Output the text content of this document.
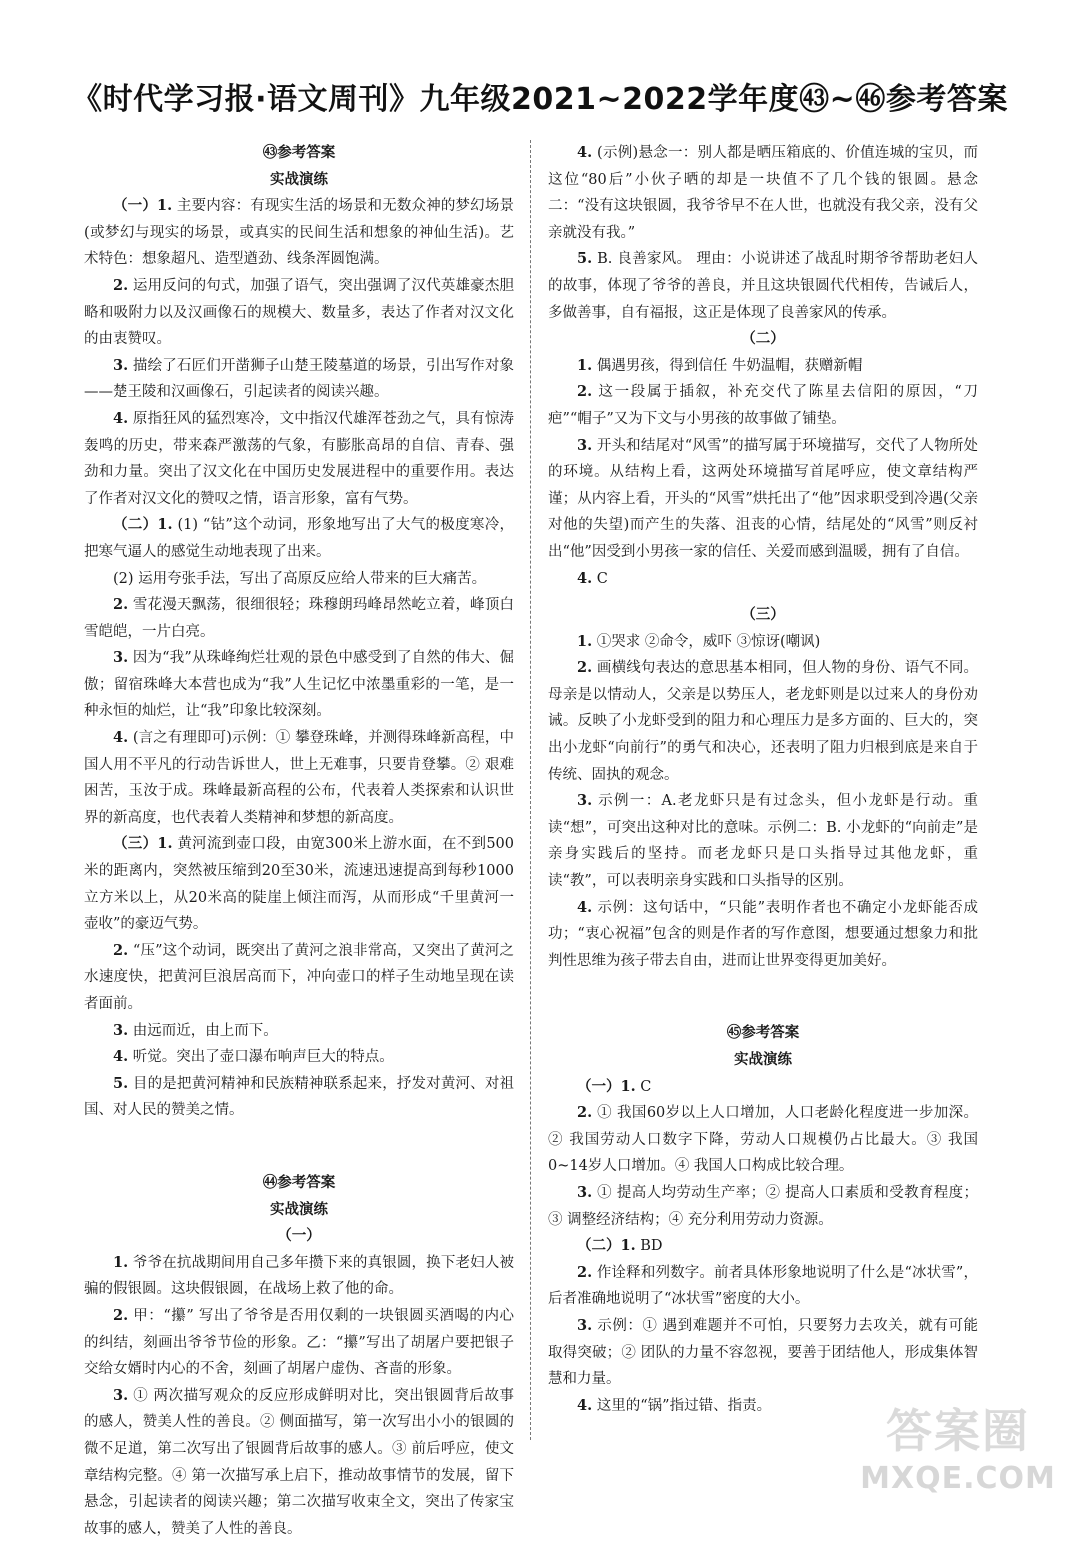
《时代学习报·语文周刊》九年级2021~2022学年度㊸~㊻参考答案
㊸参考答案
实战演练

（一）1. 主要内容：有现实生活的场景和无数众神的梦幻场景(或梦幻与现实的场景，或真实的民间生活和想象的神仙生活)。艺术特色：想象超凡、造型遒劲、线条浑圆饱满。

2. 运用反问的句式，加强了语气，突出强调了汉代英雄豪杰胆略和吸附力以及汉画像石的规模大、数量多，表达了作者对汉文化的由衷赞叹。

3. 描绘了石匠们开凿狮子山楚王陵墓道的场景，引出写作对象——楚王陵和汉画像石，引起读者的阅读兴趣。

4. 原指狂风的猛烈寒冷，文中指汉代雄浑苍劲之气，具有惊涛轰鸣的历史，带来森严激荡的气象，有膨胀高昂的自信、青春、强劲和力量。突出了汉文化在中国历史发展进程中的重要作用。表达了作者对汉文化的赞叹之情，语言形象，富有气势。

（二）1. (1) “钻”这个动词，形象地写出了大气的极度寒冷，把寒气逼人的感觉生动地表现了出来。

(2) 运用夸张手法，写出了高原反应给人带来的巨大痛苦。

2. 雪花漫天飘荡，很细很轻；珠穆朗玛峰昂然屹立着，峰顶白雪皑皑，一片白亮。

3. 因为“我”从珠峰绚烂壮观的景色中感受到了自然的伟大、倔傲；留宿珠峰大本营也成为“我”人生记忆中浓墨重彩的一笔，是一种永恒的灿烂，让“我”印象比较深刻。

4. (言之有理即可)示例：① 攀登珠峰，并测得珠峰新高程，中国人用不平凡的行动告诉世人，世上无难事，只要肯登攀。② 艰难困苦，玉汝于成。珠峰最新高程的公布，代表着人类探索和认识世界的新高度，也代表着人类精神和梦想的新高度。

（三）1. 黄河流到壶口段，由宽300米上游水面，在不到500米的距离内，突然被压缩到20至30米，流速迅速提高到每秒1000立方米以上，从20米高的陡崖上倾注而泻，从而形成“千里黄河一壶收”的豪迈气势。

2. “压”这个动词，既突出了黄河之浪非常高，又突出了黄河之水速度快，把黄河巨浪居高而下，冲向壶口的样子生动地呈现在读者面前。

3. 由远而近，由上而下。

4. 听觉。突出了壶口瀑布响声巨大的特点。

5. 目的是把黄河精神和民族精神联系起来，抒发对黄河、对祖国、对人民的赞美之情。

㊹参考答案
实战演练
（一）

1. 爷爷在抗战期间用自己多年攒下来的真银圆，换下老妇人被骗的假银圆。这块假银圆，在战场上救了他的命。

2. 甲：“攥” 写出了爷爷是否用仅剩的一块银圆买酒喝的内心的纠结，刻画出爷爷节俭的形象。乙：“攥”写出了胡屠户要把银子交给女婿时内心的不舍，刻画了胡屠户虚伪、吝啬的形象。

3. ① 两次描写观众的反应形成鲜明对比，突出银圆背后故事的感人，赞美人性的善良。② 侧面描写，第一次写出小小的银圆的微不足道，第二次写出了银圆背后故事的感人。③ 前后呼应，使文章结构完整。④ 第一次描写承上启下，推动故事情节的发展，留下悬念，引起读者的阅读兴趣；第二次描写收束全文，突出了传家宝故事的感人，赞美了人性的善良。

4. (示例)悬念一：别人都是晒压箱底的、价值连城的宝贝，而这位“80后”小伙子晒的却是一块值不了几个钱的银圆。悬念二：“没有这块银圆，我爷爷早不在人世，也就没有我父亲，没有父亲就没有我。”

5. B. 良善家风。 理由：小说讲述了战乱时期爷爷帮助老妇人的故事，体现了爷爷的善良，并且这块银圆代代相传，告诫后人，多做善事，自有福报，这正是体现了良善家风的传承。

（二）

1. 偶遇男孩，得到信任 牛奶温帽，获赠新帽

2. 这一段属于插叙，补充交代了陈星去信阳的原因，“刀疤”“帽子”又为下文与小男孩的故事做了铺垫。

3. 开头和结尾对“风雪”的描写属于环境描写，交代了人物所处的环境。从结构上看，这两处环境描写首尾呼应，使文章结构严谨；从内容上看，开头的“风雪”烘托出了“他”因求职受到冷遇(父亲对他的失望)而产生的失落、沮丧的心情，结尾处的“风雪”则反衬出“他”因受到小男孩一家的信任、关爱而感到温暖，拥有了自信。

4. C

（三）

1. ①哭求 ②命令，威吓 ③惊讶(嘲讽)

2. 画横线句表达的意思基本相同，但人物的身份、语气不同。母亲是以情动人，父亲是以势压人，老龙虾则是以过来人的身份劝诫。反映了小龙虾受到的阻力和心理压力是多方面的、巨大的，突出小龙虾“向前行”的勇气和决心，还表明了阻力归根到底是来自于传统、固执的观念。

3. 示例一：A.老龙虾只是有过念头，但小龙虾是行动。重读“想”，可突出这种对比的意味。示例二：B. 小龙虾的“向前走”是亲身实践后的坚持。而老龙虾只是口头指导过其他龙虾，重读“教”，可以表明亲身实践和口头指导的区别。

4. 示例：这句话中，“只能”表明作者也不确定小龙虾能否成功；“衷心祝福”包含的则是作者的写作意图，想要通过想象力和批判性思维为孩子带去自由，进而让世界变得更加美好。

㊺参考答案
实战演练

（一）1. C

2. ① 我国60岁以上人口增加，人口老龄化程度进一步加深。② 我国劳动人口数字下降，劳动人口规模仍占比最大。③ 我国0~14岁人口增加。④ 我国人口构成比较合理。

3. ① 提高人均劳动生产率；② 提高人口素质和受教育程度；③ 调整经济结构；④ 充分利用劳动力资源。

（二）1. BD

2. 作诠释和列数字。前者具体形象地说明了什么是“冰状雪”，后者准确地说明了“冰状雪”密度的大小。

3. 示例：① 遇到难题并不可怕，只要努力去攻关，就有可能取得突破；② 团队的力量不容忽视，要善于团结他人，形成集体智慧和力量。

4. 这里的“锅”指过错、指责。	答案圈
MXQE.COM
